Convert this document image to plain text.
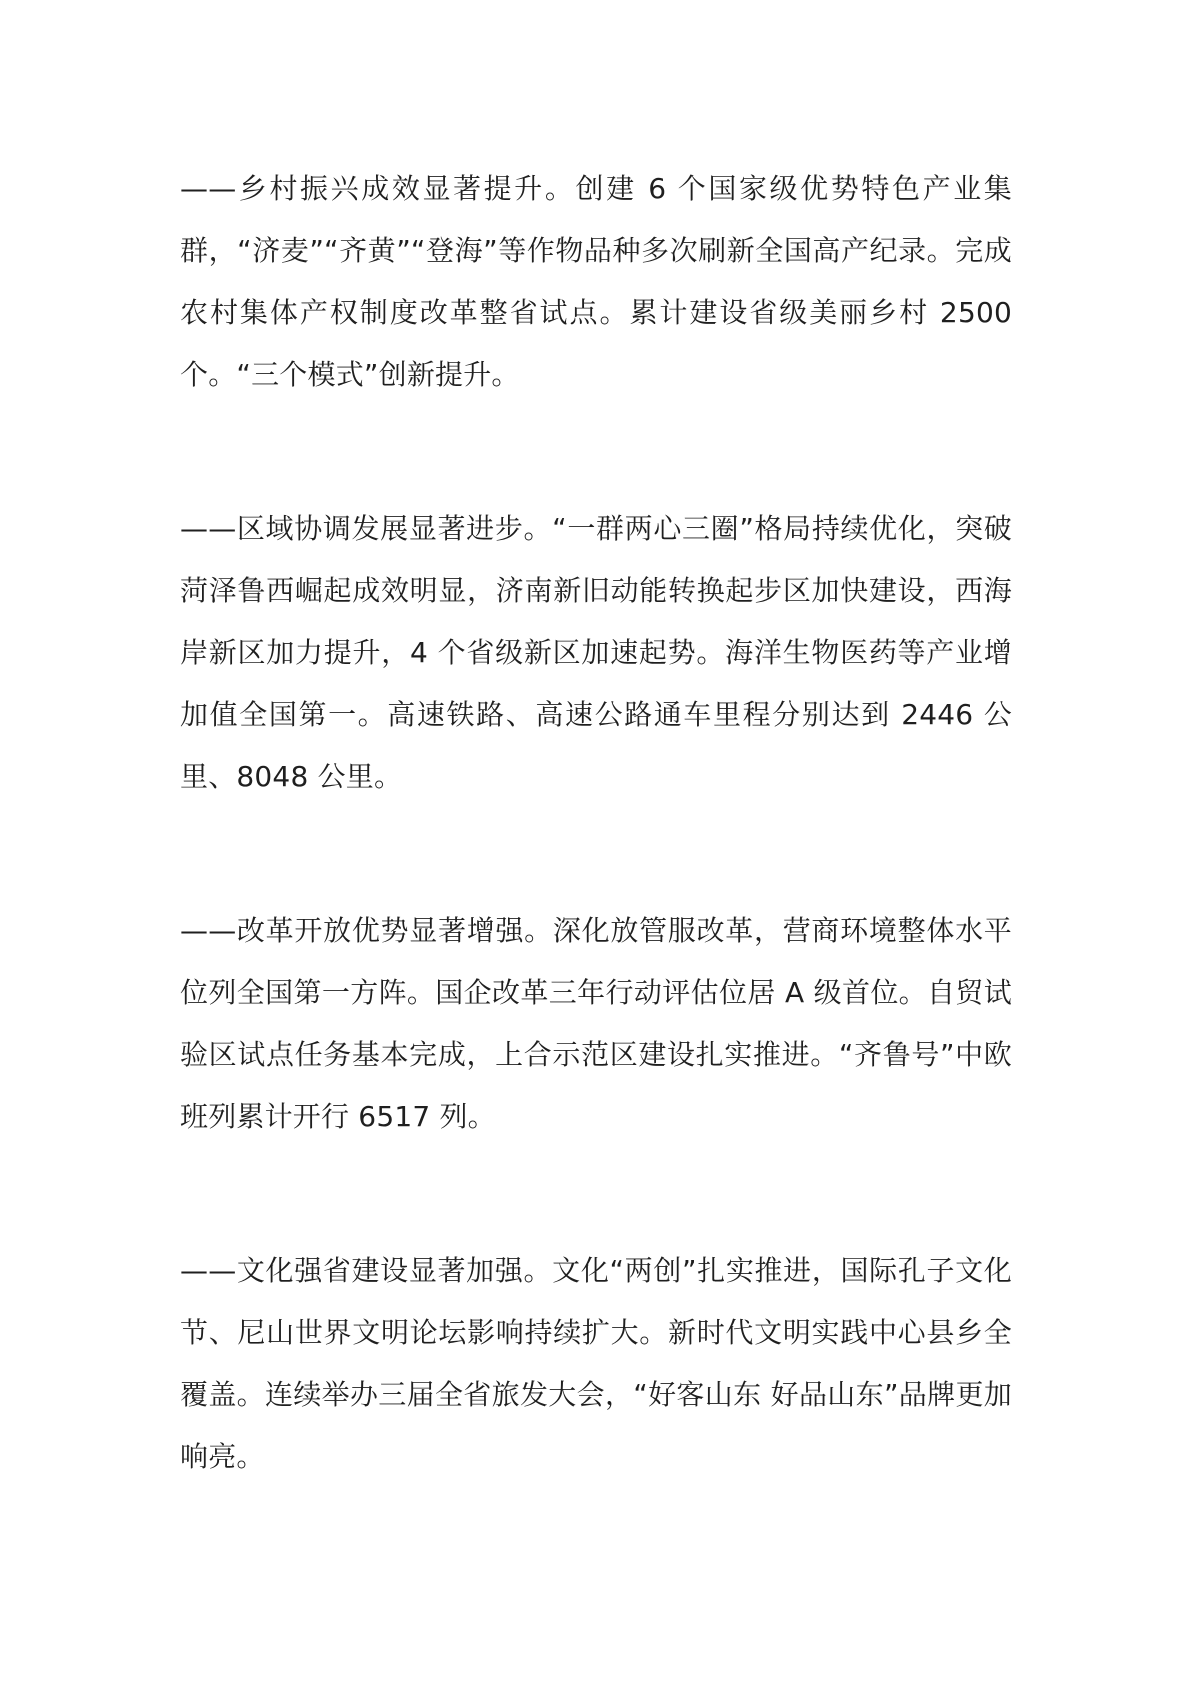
——乡村振兴成效显著提升。创建 6 个国家级优势特色产业集群，“济麦”“齐黄”“登海”等作物品种多次刷新全国高产纪录。完成农村集体产权制度改革整省试点。累计建设省级美丽乡村 2500 个。“三个模式”创新提升。

——区域协调发展显著进步。“一群两心三圈”格局持续优化，突破菏泽鲁西崛起成效明显，济南新旧动能转换起步区加快建设，西海岸新区加力提升，4 个省级新区加速起势。海洋生物医药等产业增加值全国第一。高速铁路、高速公路通车里程分别达到 2446 公里、8048 公里。

——改革开放优势显著增强。深化放管服改革，营商环境整体水平位列全国第一方阵。国企改革三年行动评估位居 A 级首位。自贸试验区试点任务基本完成，上合示范区建设扎实推进。“齐鲁号”中欧班列累计开行 6517 列。

——文化强省建设显著加强。文化“两创”扎实推进，国际孔子文化节、尼山世界文明论坛影响持续扩大。新时代文明实践中心县乡全覆盖。连续举办三届全省旅发大会，“好客山东 好品山东”品牌更加响亮。
